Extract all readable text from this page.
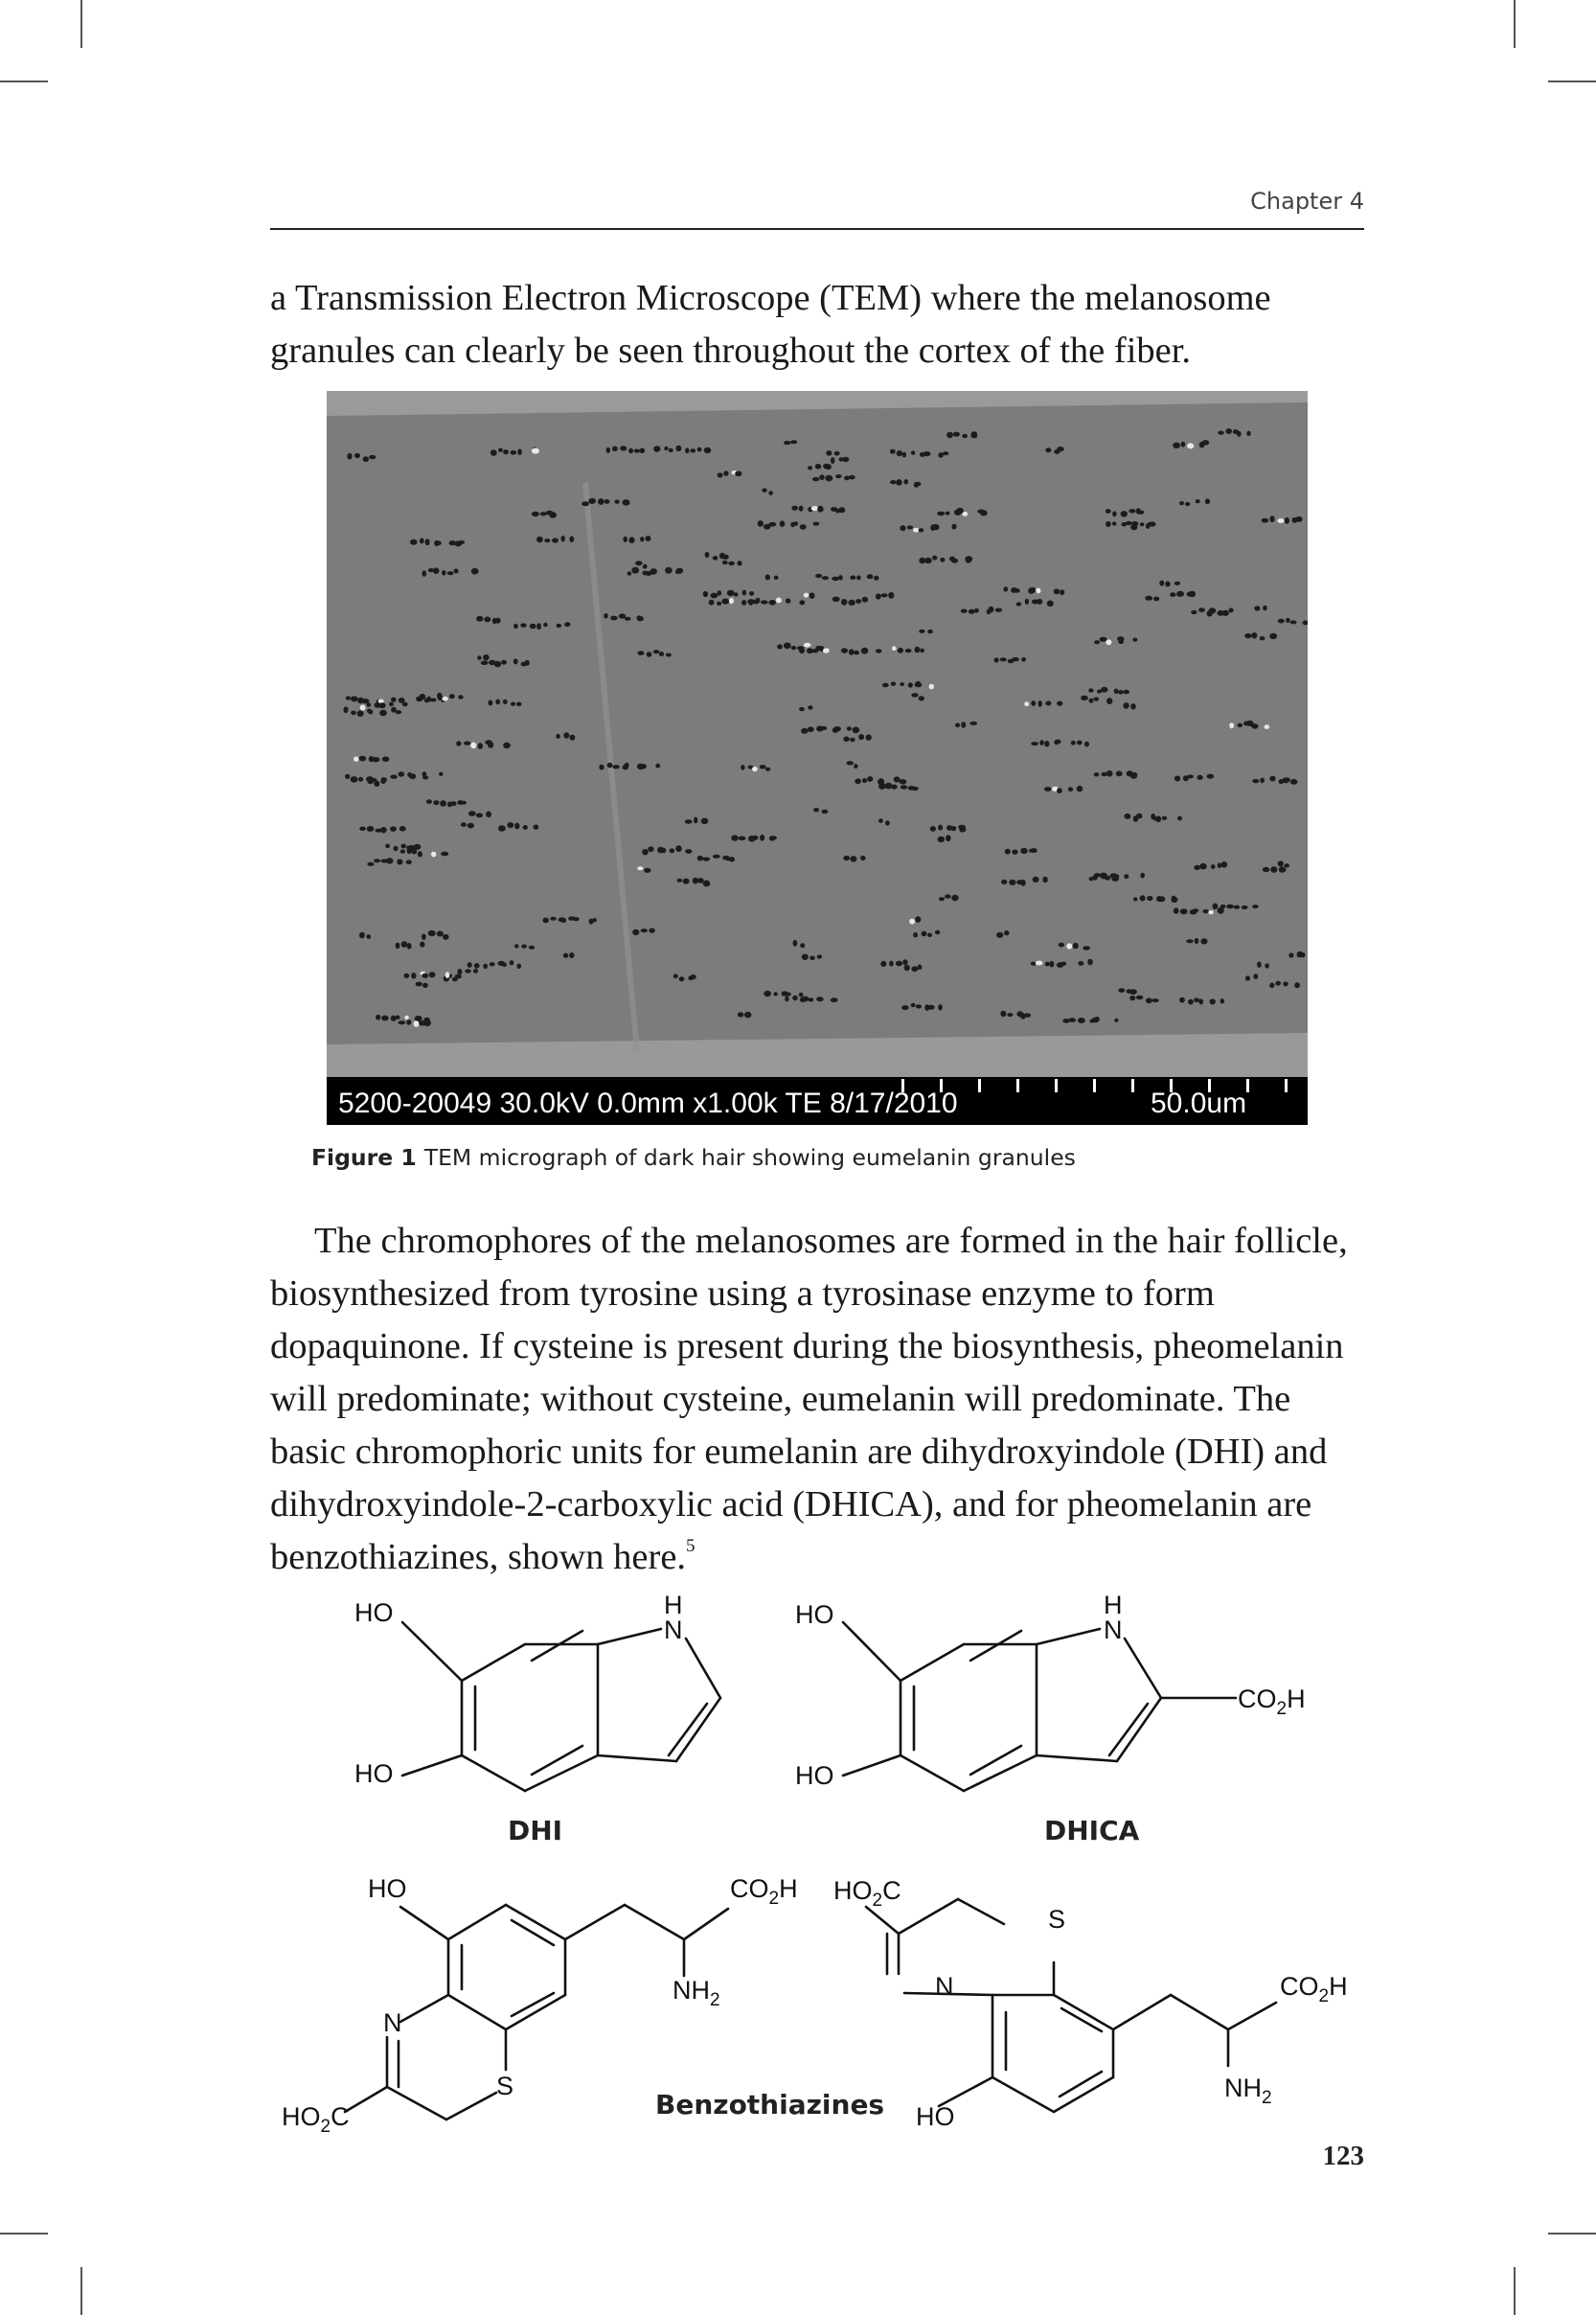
Chapter 4

a Transmission Electron Microscope (TEM) where the melanosome granules can clearly be seen throughout the cortex of the fiber.

5200-20049 30.0kV 0.0mm x1.00k TE 8/17/2010	50.0um
Figure 1 TEM micrograph of dark hair showing eumelanin granules

The chromophores of the melanosomes are formed in the hair follicle, biosynthesized from tyrosine using a tyrosinase enzyme to form dopaquinone. If cysteine is present during the biosynthesis, pheomelanin will predominate; without cysteine, eumelanin will predominate. The basic chromophoric units for eumelanin are dihydroxyindole (DHI) and dihydroxyindole-2-carboxylic acid (DHICA), and for pheomelanin are benzothiazines, shown here.$^5$

HO
HO
H
N
HO
HO
H
N
$CO_2H$
HO	$CO_2H$
$NH_2$
N
S
$HO_2C$
$HO_2C$
S
N	$CO_2H$
$NH_2$
HO
DHI	DHICA
Benzothiazines
123
